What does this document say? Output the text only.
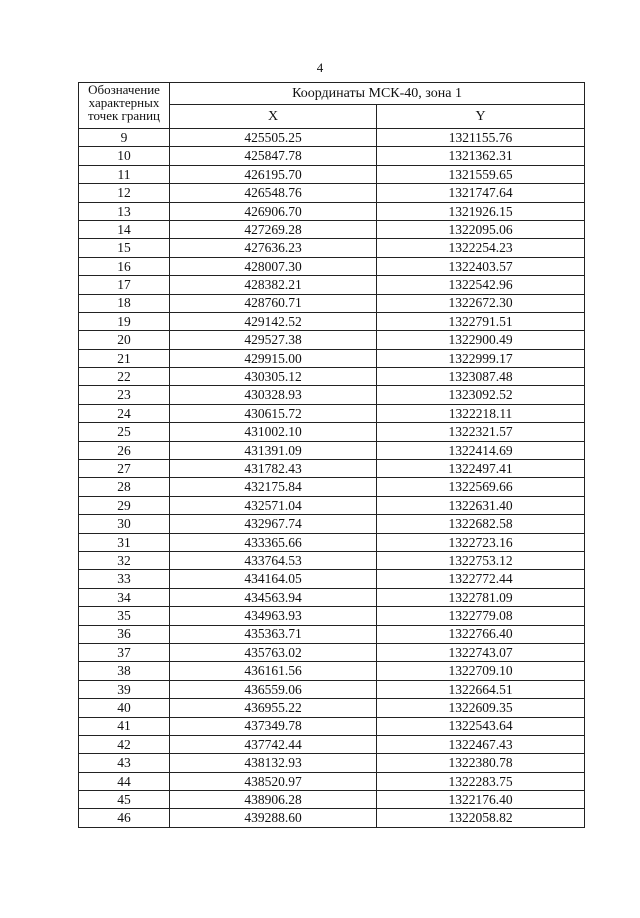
4
Обозначение характерных точек границ	Координаты МСК-40, зона 1	
	X	Y
9	425505.25	1321155.76
10	425847.78	1321362.31
11	426195.70	1321559.65
12	426548.76	1321747.64
13	426906.70	1321926.15
14	427269.28	1322095.06
15	427636.23	1322254.23
16	428007.30	1322403.57
17	428382.21	1322542.96
18	428760.71	1322672.30
19	429142.52	1322791.51
20	429527.38	1322900.49
21	429915.00	1322999.17
22	430305.12	1323087.48
23	430328.93	1323092.52
24	430615.72	1322218.11
25	431002.10	1322321.57
26	431391.09	1322414.69
27	431782.43	1322497.41
28	432175.84	1322569.66
29	432571.04	1322631.40
30	432967.74	1322682.58
31	433365.66	1322723.16
32	433764.53	1322753.12
33	434164.05	1322772.44
34	434563.94	1322781.09
35	434963.93	1322779.08
36	435363.71	1322766.40
37	435763.02	1322743.07
38	436161.56	1322709.10
39	436559.06	1322664.51
40	436955.22	1322609.35
41	437349.78	1322543.64
42	437742.44	1322467.43
43	438132.93	1322380.78
44	438520.97	1322283.75
45	438906.28	1322176.40
46	439288.60	1322058.82
